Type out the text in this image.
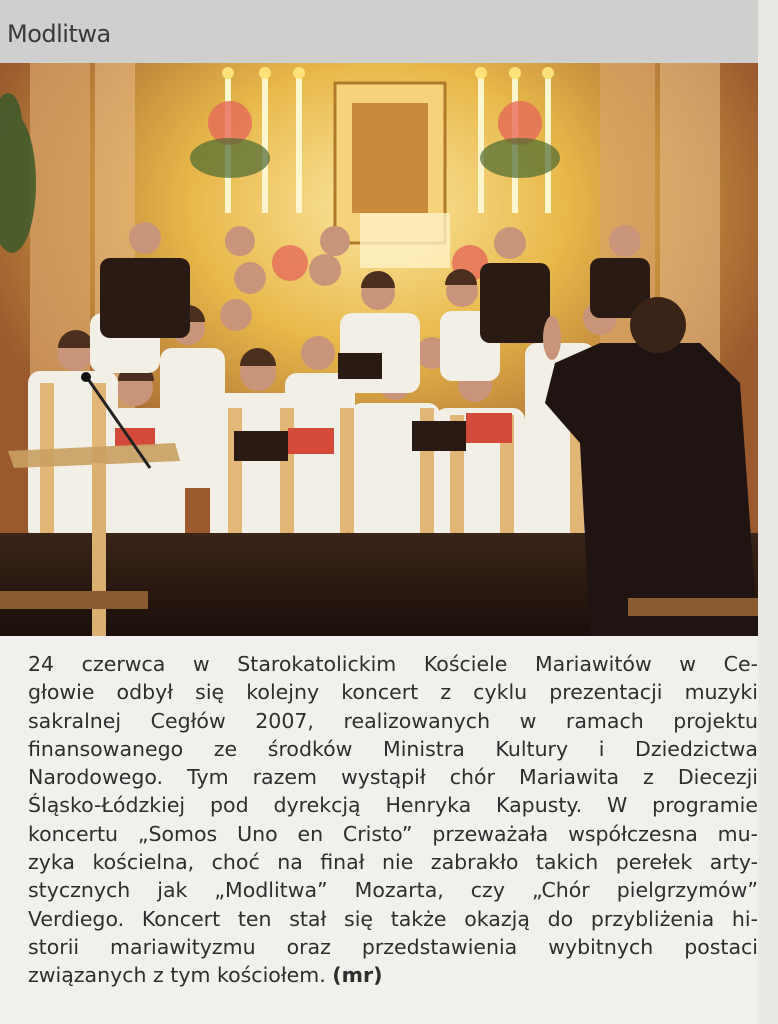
Modlitwa
24 czerwca w Starokatolickim Kościele Mariawitów w Ce-
głowie odbył się kolejny koncert z cyklu prezentacji muzyki
sakralnej Cegłów 2007, realizowanych w ramach projektu
finansowanego ze środków Ministra Kultury i Dziedzictwa
Narodowego. Tym razem wystąpił chór Mariawita z Diecezji
Śląsko-Łódzkiej pod dyrekcją Henryka Kapusty. W programie
koncertu „Somos Uno en Cristo” przeważała współczesna mu-
zyka kościelna, choć na finał nie zabrakło takich perełek arty-
stycznych jak „Modlitwa” Mozarta, czy „Chór pielgrzymów”
Verdiego. Koncert ten stał się także okazją do przybliżenia hi-
storii mariawityzmu oraz przedstawienia wybitnych postaci
związanych z tym kościołem. (mr)
